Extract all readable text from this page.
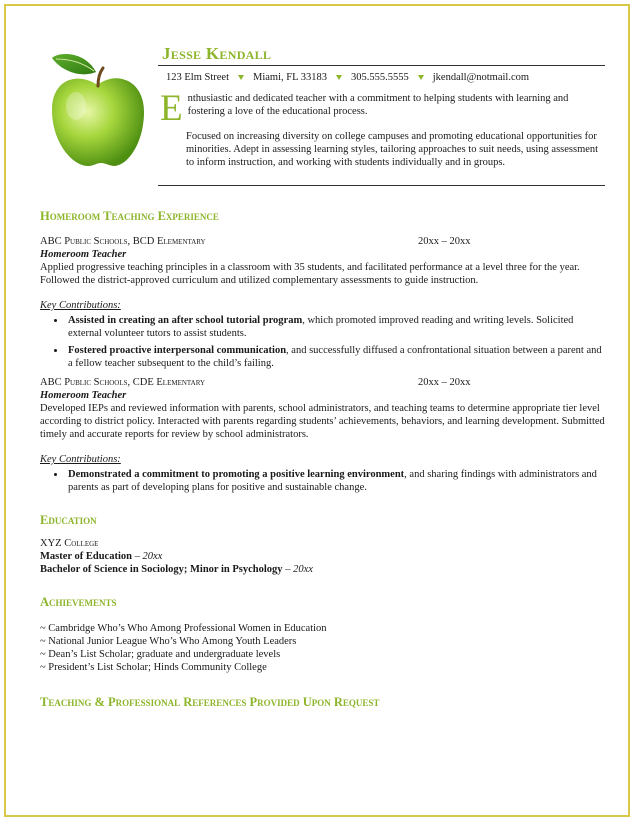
Jesse Kendall
123 Elm Street Miami, FL 33183 305.555.5555 jkendall@notmail.com
E nthusiastic and dedicated teacher with a commitment to helping students with learning and fostering a love of the educational process.

Focused on increasing diversity on college campuses and promoting educational opportunities for minorities. Adept in assessing learning styles, tailoring approaches to suit needs, using assessment to inform instruction, and working with students individually and in groups.

Homeroom Teaching Experience
ABC Public Schools, BCD Elementary	20xx – 20xx
Homeroom Teacher

Applied progressive teaching principles in a classroom with 35 students, and facilitated performance at a level three for the year. Followed the district-approved curriculum and utilized complementary assessments to guide instruction.

Key Contributions:
• Assisted in creating an after school tutorial program, which promoted improved reading and writing levels. Solicited external volunteer tutors to assist students.
• Fostered proactive interpersonal communication, and successfully diffused a confrontational situation between a parent and a fellow teacher subsequent to the child’s failing.
ABC Public Schools, CDE Elementary	20xx – 20xx
Homeroom Teacher

Developed IEPs and reviewed information with parents, school administrators, and teaching teams to determine appropriate tier level according to district policy. Interacted with parents regarding students’ achievements, behaviors, and learning development. Submitted timely and accurate reports for review by school administrators.

Key Contributions:
• Demonstrated a commitment to promoting a positive learning environment, and sharing findings with administrators and parents as part of developing plans for positive and sustainable change.
Education
XYZ College
Master of Education – 20xx
Bachelor of Science in Sociology; Minor in Psychology – 20xx
Achievements
~ Cambridge Who’s Who Among Professional Women in Education
~ National Junior League Who’s Who Among Youth Leaders
~ Dean’s List Scholar; graduate and undergraduate levels
~ President’s List Scholar; Hinds Community College
Teaching & Professional References Provided Upon Request
